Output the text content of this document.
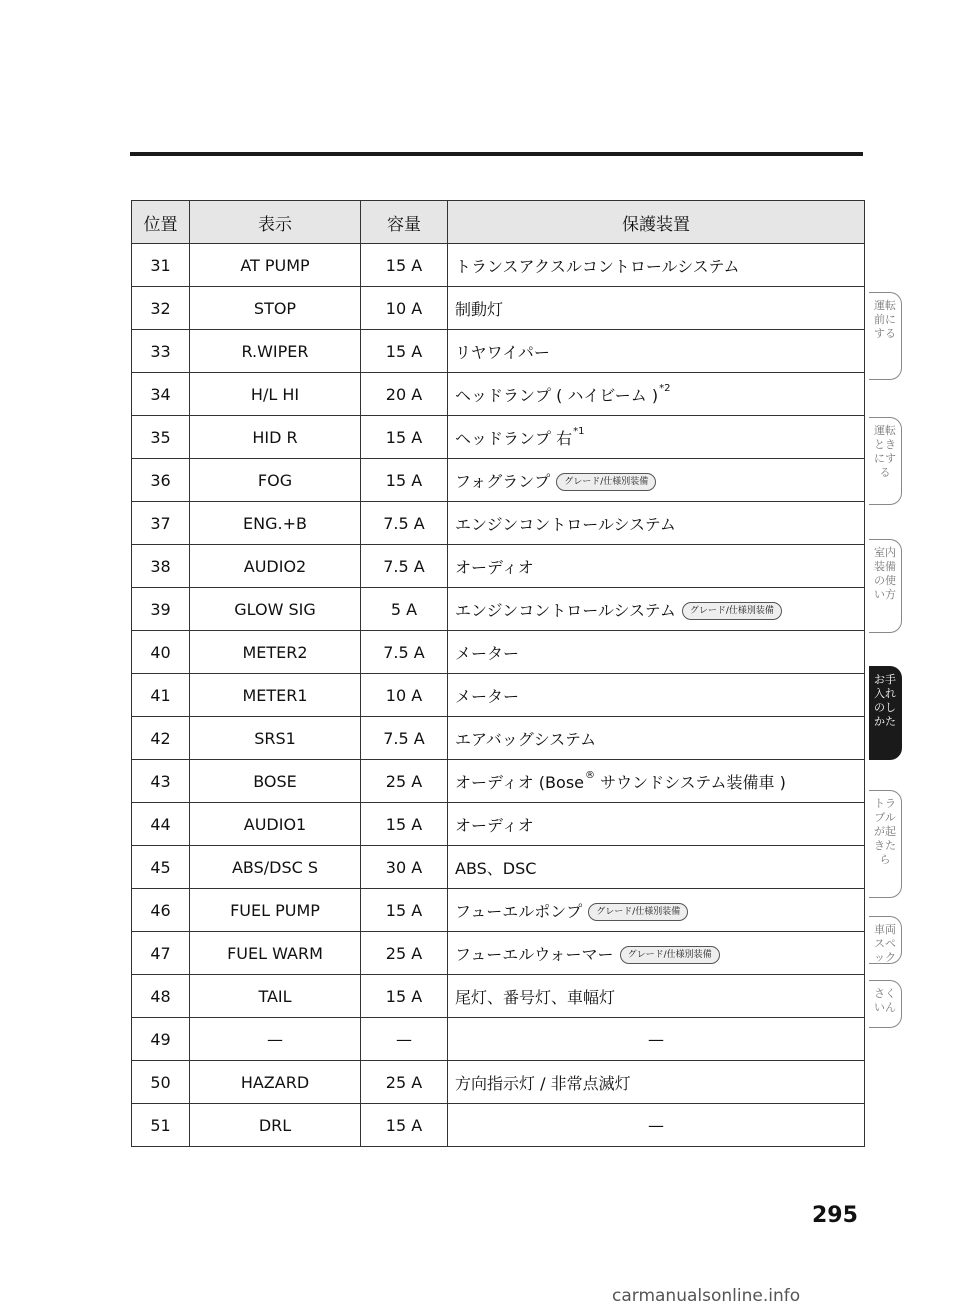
位置	表示	容量	保護装置
31	AT PUMP	15 A	トランスアクスルコントロールシステム
32	STOP	10 A	制動灯
33	R.WIPER	15 A	リヤワイパー
34	H/L HI	20 A	ヘッドランプ ( ハイビーム )$^{*2}$
35	HID R	15 A	ヘッドランプ 右$^{*1}$
36	FOG	15 A	フォグランプ グレード/仕様別装備
37	ENG.+B	7.5 A	エンジンコントロールシステム
38	AUDIO2	7.5 A	オーディオ
39	GLOW SIG	5 A	エンジンコントロールシステム グレード/仕様別装備
40	METER2	7.5 A	メーター
41	METER1	10 A	メーター
42	SRS1	7.5 A	エアバッグシステム
43	BOSE	25 A	オーディオ (Bose® サウンドシステム装備車 )
44	AUDIO1	15 A	オーディオ
45	ABS/DSC S	30 A	ABS、DSC
46	FUEL PUMP	15 A	フューエルポンプ グレード/仕様別装備
47	FUEL WARM	25 A	フューエルウォーマー グレード/仕様別装備
48	TAIL	15 A	尾灯、番号灯、車幅灯
49	—	—	—
50	HAZARD	25 A	方向指示灯 / 非常点滅灯
51	DRL	15 A	—
運転前にする
運転ときにする
室内装備の使い方
お手入れのしかた
トラブルが起きたら
車両スペック
さくいん
295
carmanualsonline.info
